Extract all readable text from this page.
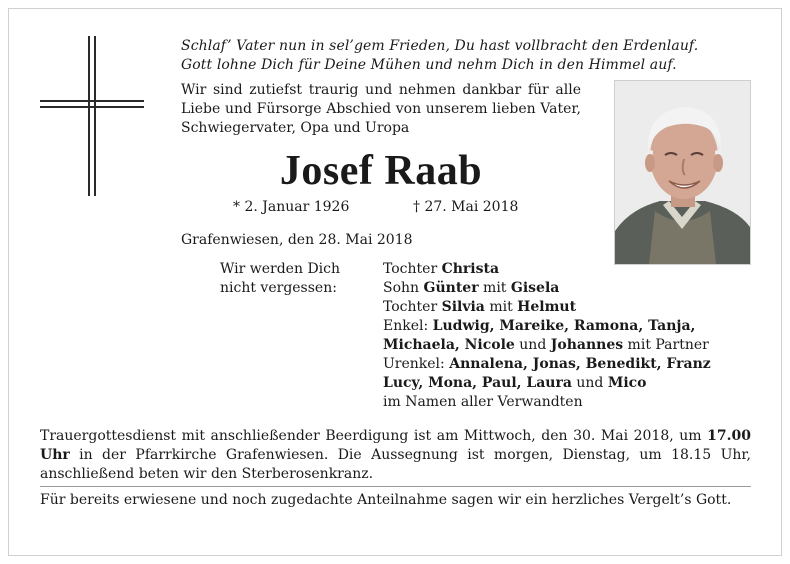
Schlaf’ Vater nun in sel’gem Frieden, Du hast vollbracht den Erdenlauf.
Gott lohne Dich für Deine Mühen und nehm Dich in den Himmel auf.
Wir sind zutiefst traurig und nehmen dankbar für alle Liebe und Fürsorge Abschied von unserem lieben Vater, Schwiegervater, Opa und Uropa
Josef Raab
* 2. Januar 1926	† 27. Mai 2018
Grafenwiesen, den 28. Mai 2018
Wir werden Dich
nicht vergessen:
Tochter Christa
Sohn Günter mit Gisela
Tochter Silvia mit Helmut
Enkel: Ludwig, Mareike, Ramona, Tanja,
Michaela, Nicole und Johannes mit Partner
Urenkel: Annalena, Jonas, Benedikt, Franz
Lucy, Mona, Paul, Laura und Mico
im Namen aller Verwandten
Trauergottesdienst mit anschließender Beerdigung ist am Mittwoch, den 30. Mai 2018, um 17.00 Uhr in der Pfarrkirche Grafenwiesen. Die Aussegnung ist morgen, Dienstag, um 18.15 Uhr, anschließend beten wir den Sterberosenkranz.
Für bereits erwiesene und noch zugedachte Anteilnahme sagen wir ein herzliches Vergelt’s Gott.
